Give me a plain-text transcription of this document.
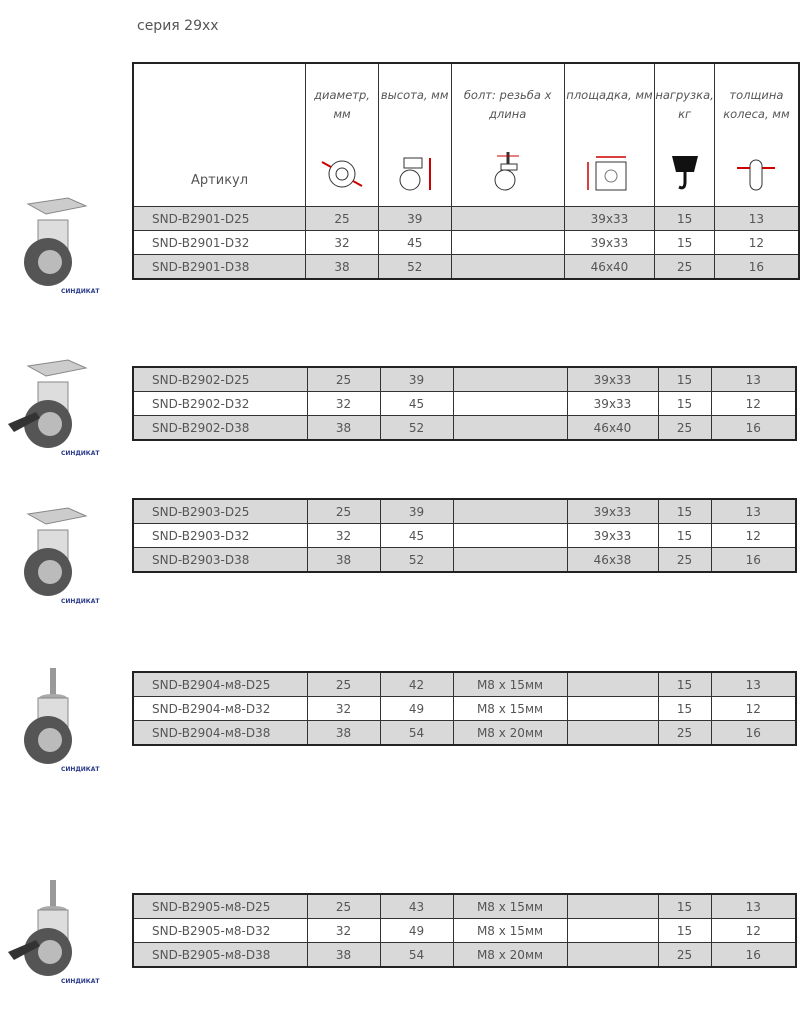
серия 29хх
Артикул	диаметр, мм	высота, мм	болт: резьба х длина	площадка, мм	нагрузка, кг	толщина колеса, мм

SND-B2901-D25	25	39		39x33	15	13
SND-B2901-D32	32	45		39x33	15	12
SND-B2901-D38	38	52		46x40	25	16
СИНДИКАТ
SND-B2902-D25	25	39		39x33	15	13
SND-B2902-D32	32	45		39x33	15	12
SND-B2902-D38	38	52		46x40	25	16
СИНДИКАТ
SND-B2903-D25	25	39		39x33	15	13
SND-B2903-D32	32	45		39x33	15	12
SND-B2903-D38	38	52		46x38	25	16
СИНДИКАТ
SND-B2904-м8-D25	25	42	M8 x 15мм		15	13
SND-B2904-м8-D32	32	49	M8 x 15мм		15	12
SND-B2904-м8-D38	38	54	M8 x 20мм		25	16
СИНДИКАТ
SND-B2905-м8-D25	25	43	M8 x 15мм		15	13
SND-B2905-м8-D32	32	49	M8 x 15мм		15	12
SND-B2905-м8-D38	38	54	M8 x 20мм		25	16
СИНДИКАТ
